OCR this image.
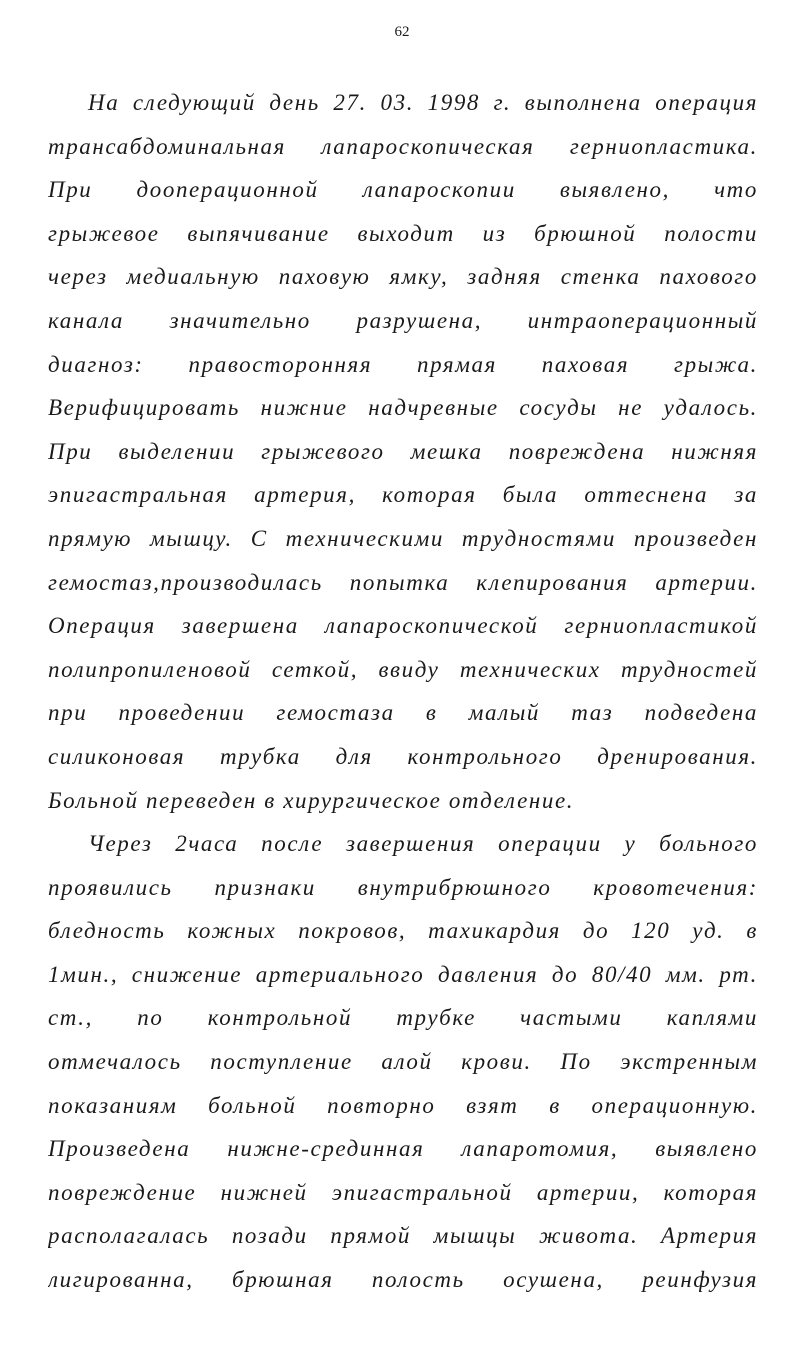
62
На следующий день 27. 03. 1998 г. выполнена операция
трансабдоминальная лапароскопическая герниопластика.
При дооперационной лапароскопии выявлено, что
грыжевое выпячивание выходит из брюшной полости
через медиальную паховую ямку, задняя стенка пахового
канала значительно разрушена, интраоперационный
диагноз: правосторонняя прямая паховая грыжа.
Верифицировать нижние надчревные сосуды не удалось.
При выделении грыжевого мешка повреждена нижняя
эпигастральная артерия, которая была оттеснена за
прямую мышцу. С техническими трудностями произведен
гемостаз,производилась попытка клепирования артерии.
Операция завершена лапароскопической герниопластикой
полипропиленовой сеткой, ввиду технических трудностей
при проведении гемостаза в малый таз подведена
силиконовая трубка для контрольного дренирования.
Больной переведен в хирургическое отделение.
Через 2часа после завершения операции у больного
проявились признаки внутрибрюшного кровотечения:
бледность кожных покровов, тахикардия до 120 уд. в
1мин., снижение артериального давления до 80/40 мм. рт.
ст., по контрольной трубке частыми каплями
отмечалось поступление алой крови. По экстренным
показаниям больной повторно взят в операционную.
Произведена нижне-срединная лапаротомия, выявлено
повреждение нижней эпигастральной артерии, которая
располагалась позади прямой мышцы живота. Артерия
лигированна, брюшная полость осушена, реинфузия
